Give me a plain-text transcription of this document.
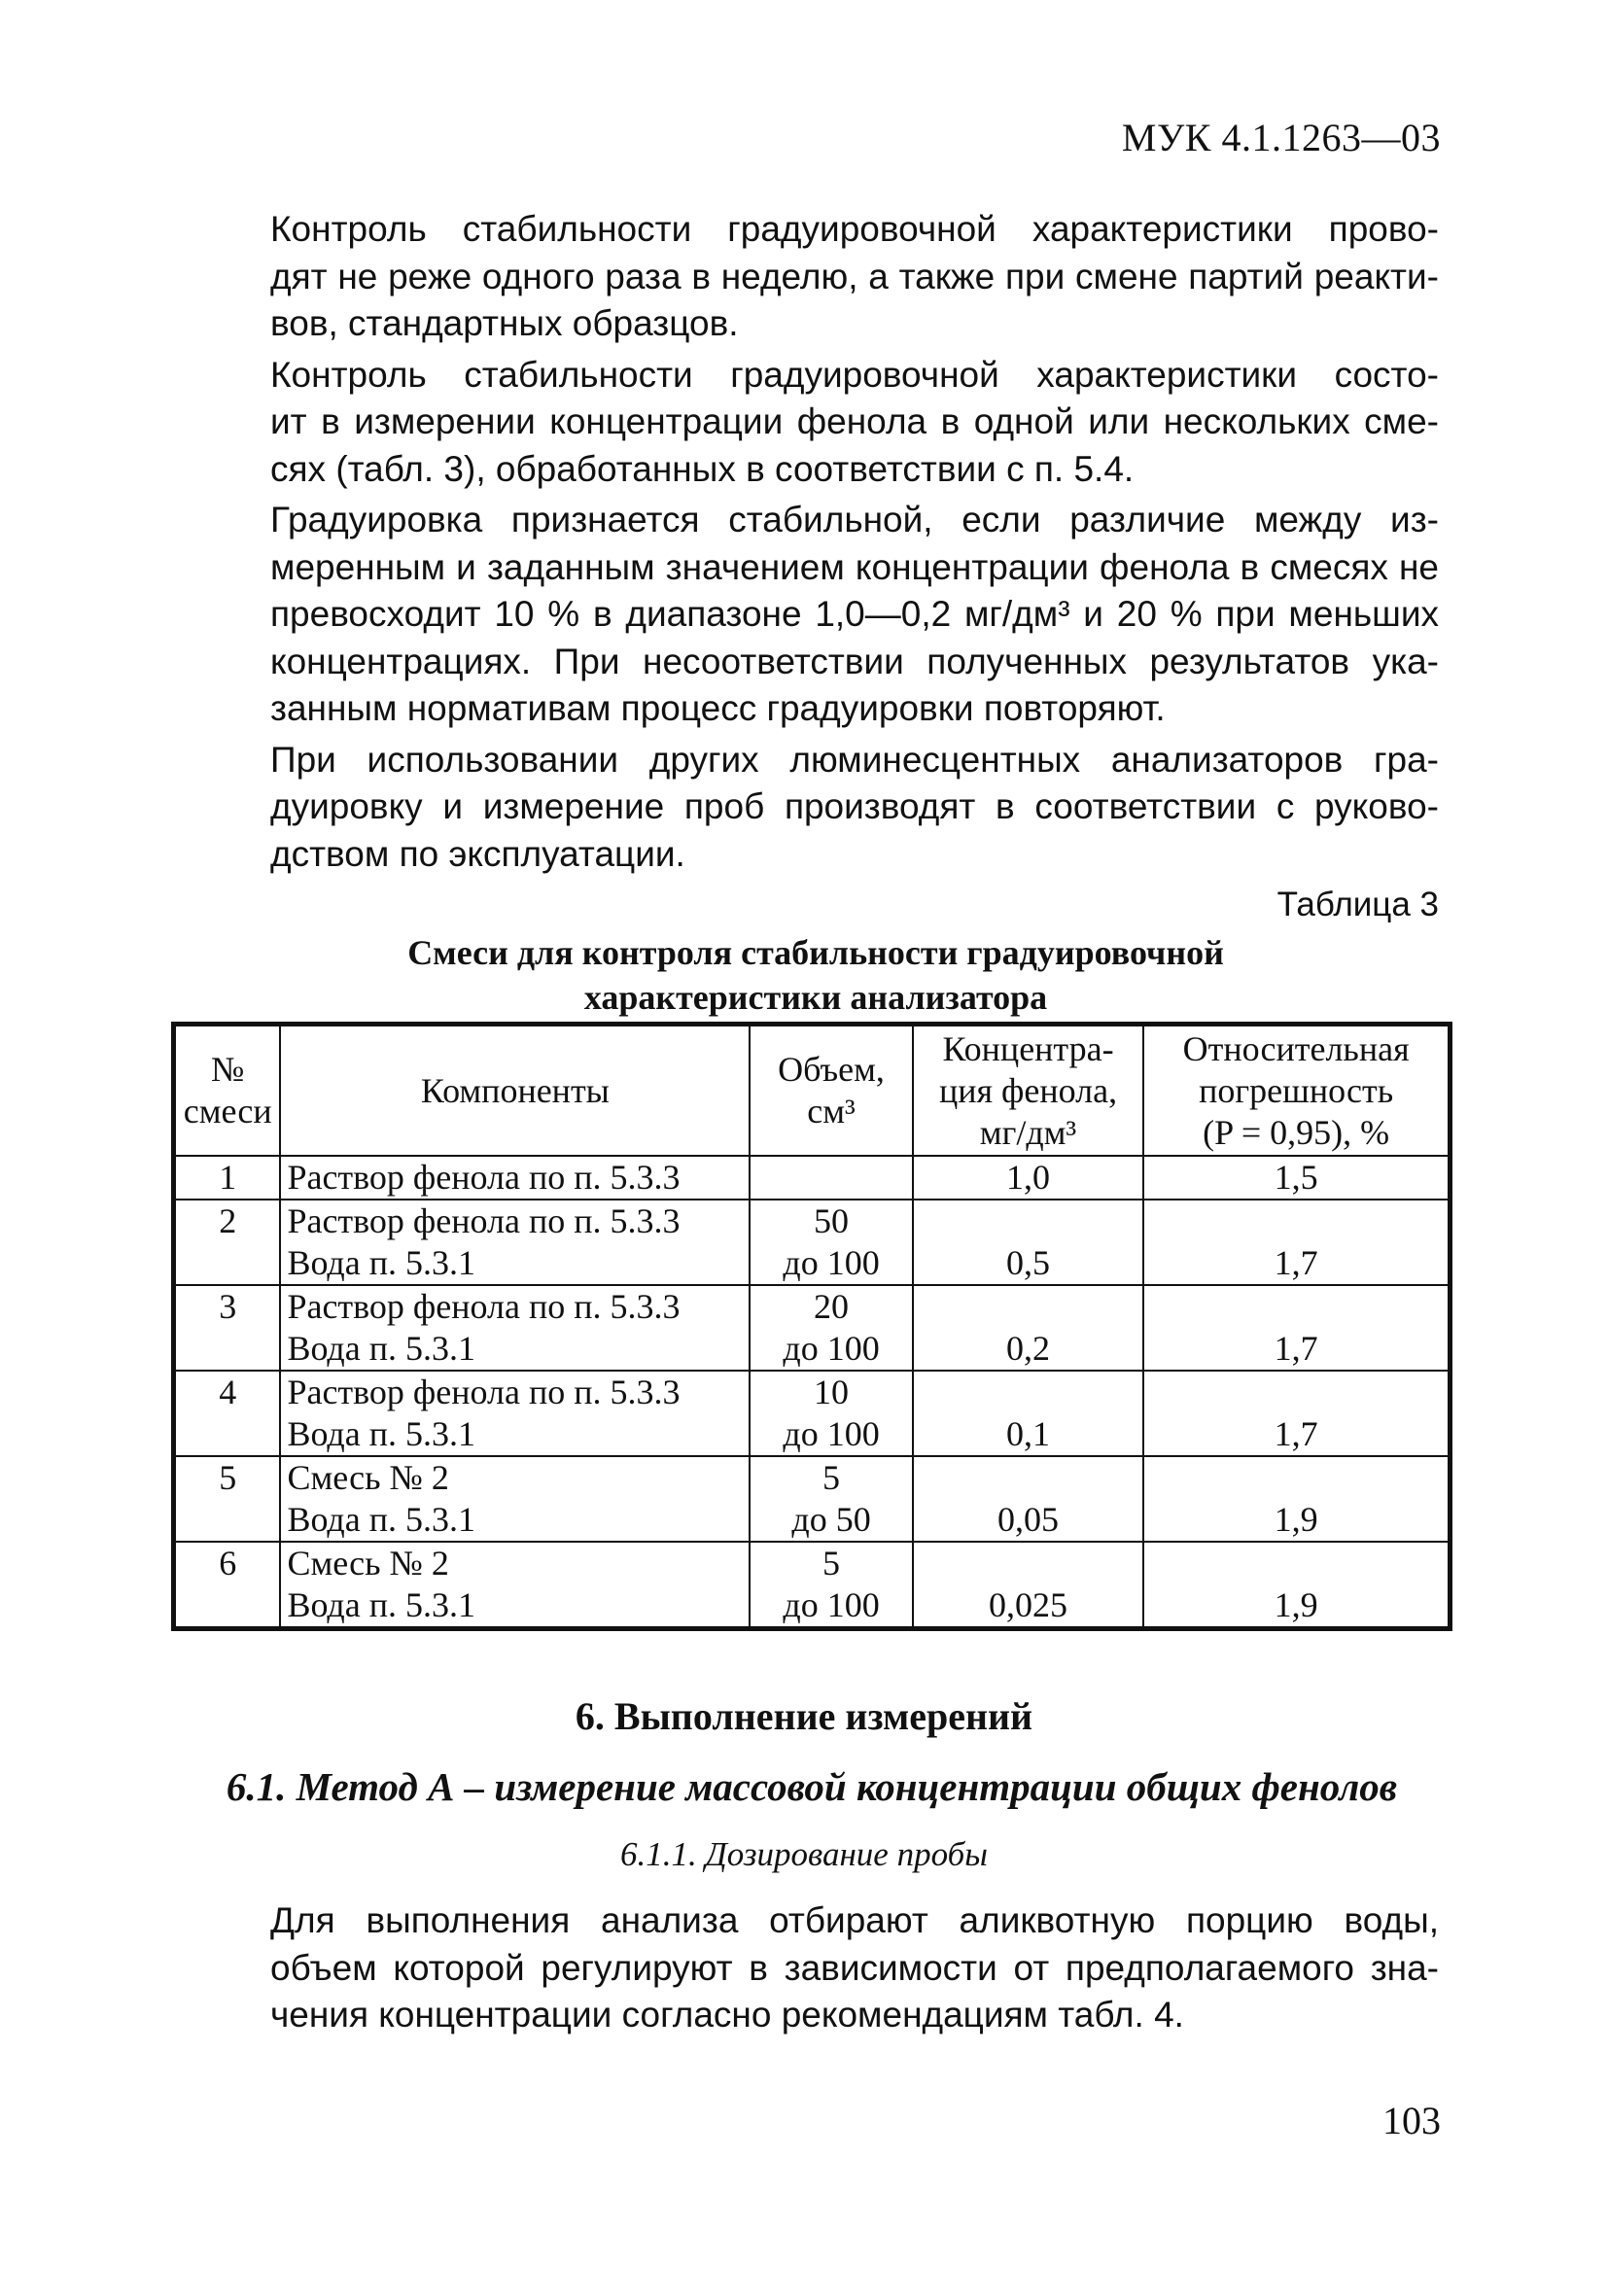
МУК 4.1.1263—03

Контроль стабильности градуировочной характеристики прово-
дят не реже одного раза в неделю, а также при смене партий реакти-
вов, стандартных образцов.

Контроль стабильности градуировочной характеристики состо-
ит в измерении концентрации фенола в одной или нескольких сме-
сях (табл. 3), обработанных в соответствии с п. 5.4.

Градуировка признается стабильной, если различие между из-
меренным и заданным значением концентрации фенола в смесях не
превосходит 10 % в диапазоне 1,0—0,2 мг/дм³ и 20 % при меньших
концентрациях. При несоответствии полученных результатов ука-
занным нормативам процесс градуировки повторяют.

При использовании других люминесцентных анализаторов гра-
дуировку и измерение проб производят в соответствии с руково-
дством по эксплуатации.

Таблица 3
Смеси для контроля стабильности градуировочной
характеристики анализатора
№
смеси	Компоненты	Объем,
см³	Концентра-
ция фенола,
мг/дм³	Относительная
погрешность
(P = 0,95), %

1	Раствор фенола по п. 5.3.3		1,0	1,5
2	Раствор фенола по п. 5.3.3
Вода п. 5.3.1	50
до 100	0,5	1,7
3	Раствор фенола по п. 5.3.3
Вода п. 5.3.1	20
до 100	0,2	1,7
4	Раствор фенола по п. 5.3.3
Вода п. 5.3.1	10
до 100	0,1	1,7
5	Смесь № 2
Вода п. 5.3.1	5
до 50	0,05	1,9
6	Смесь № 2
Вода п. 5.3.1	5
до 100	0,025	1,9
6. Выполнение измерений
6.1. Метод А – измерение массовой концентрации общих фенолов
6.1.1. Дозирование пробы

Для выполнения анализа отбирают аликвотную порцию воды,
объем которой регулируют в зависимости от предполагаемого зна-
чения концентрации согласно рекомендациям табл. 4.

103
